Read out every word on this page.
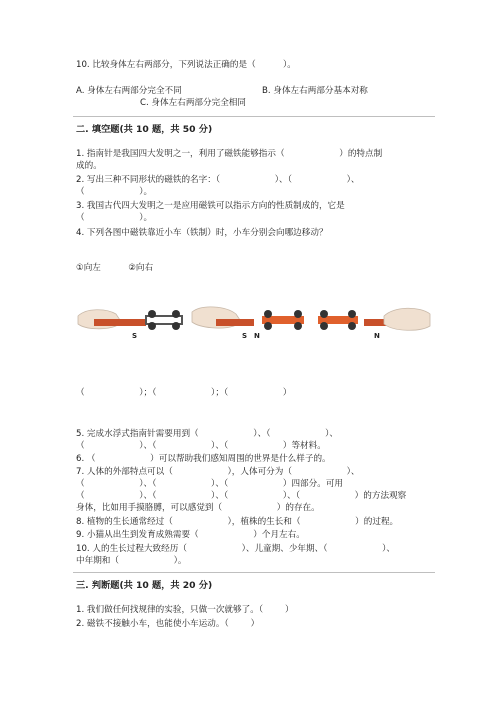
10. 比较身体左右两部分，下列说法正确的是（          ）。
A. 身体左右两部分完全不同	B. 身体左右两部分基本对称
C. 身体左右两部分完全相同
二. 填空题(共 10 题，共 50 分)
1. 指南针是我国四大发明之一，利用了磁铁能够指示（                    ）的特点制
成的。
2. 写出三种不同形状的磁铁的名字：（                    ）、（                    ）、
（                    ）。
3. 我国古代四大发明之一是应用磁铁可以指示方向的性质制成的，它是
（                    ）。
4. 下列各图中磁铁靠近小车（铁制）时，小车分别会向哪边移动？
①向左          ②向右
S	S N	N
（                    ）；（                    ）；（                    ）
5. 完成水浮式指南针需要用到（                    ）、（                    ）、
（                    ）、（                    ）、（                    ）等材料。
6. （                    ）可以帮助我们感知周围的世界是什么样子的。
7. 人体的外部特点可以（                    ），人体可分为（                    ）、
（                    ）、（                    ）、（                    ）四部分。可用
（                    ）、（                    ）、（                    ）、（                    ）的方法观察
身体，比如用手摸胳膊，可以感觉到（                    ）的存在。
8. 植物的生长通常经过（                    ），植株的生长和（                    ）的过程。
9. 小猫从出生到发育成熟需要（                    ）个月左右。
10. 人的生长过程大致经历（                    ）、儿童期、少年期、（                    ）、
中年期和（                    ）。
三. 判断题(共 10 题，共 20 分)
1. 我们做任何找规律的实验，只做一次就够了。（        ）
2. 磁铁不接触小车，也能使小车运动。（        ）
